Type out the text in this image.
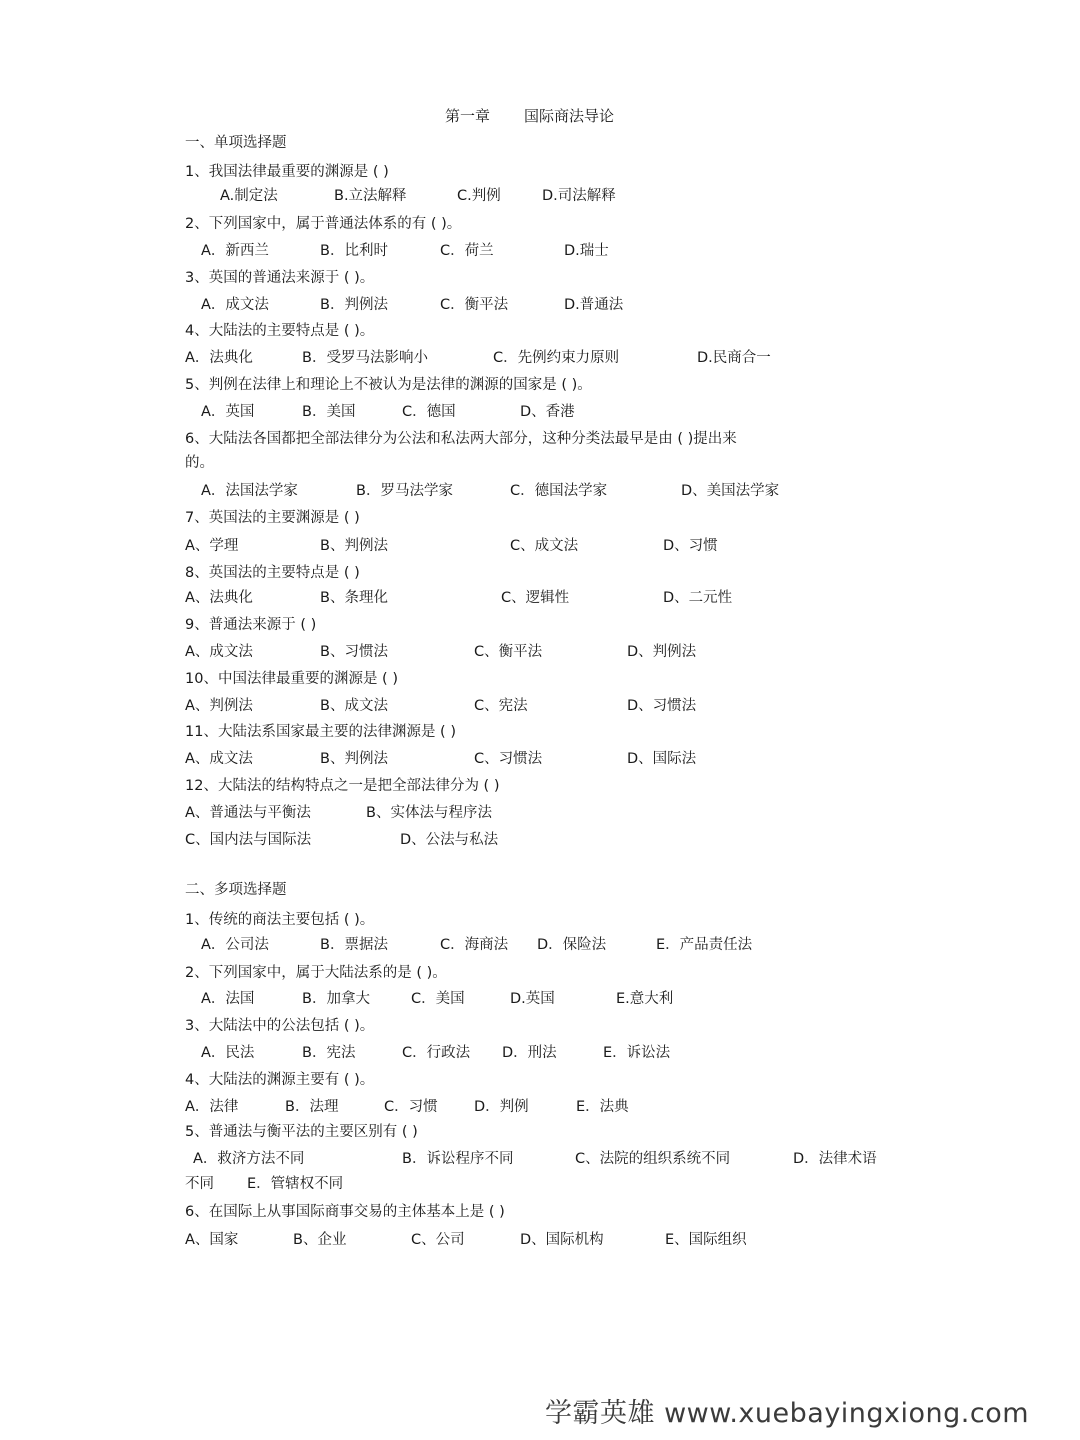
第一章 国际商法导论
一、单项选择题
1、我国法律最重要的渊源是 ( )
A.制定法	B.立法解释	C.判例	D.司法解释
2、下列国家中，属于普通法体系的有 ( )。
A．新西兰	B．比利时	C．荷兰	D.瑞士
3、英国的普通法来源于 ( )。
A．成文法	B．判例法	C．衡平法	D.普通法
4、大陆法的主要特点是 ( )。
A．法典化	B．受罗马法影响小	C．先例约束力原则	D.民商合一
5、判例在法律上和理论上不被认为是法律的渊源的国家是 ( )。
A．英国	B．美国	C．德国	D、香港
6、大陆法各国都把全部法律分为公法和私法两大部分，这种分类法最早是由 ( )提出来
的。
A．法国法学家	B．罗马法学家	C．德国法学家	D、美国法学家
7、英国法的主要渊源是 ( )
A、学理	B、判例法	C、成文法	D、习惯
8、英国法的主要特点是 ( )
A、法典化	B、条理化	C、逻辑性	D、二元性
9、普通法来源于 ( )
A、成文法	B、习惯法	C、衡平法	D、判例法
10、中国法律最重要的渊源是 ( )
A、判例法	B、成文法	C、宪法	D、习惯法
11、大陆法系国家最主要的法律渊源是 ( )
A、成文法	B、判例法	C、习惯法	D、国际法
12、大陆法的结构特点之一是把全部法律分为 ( )
A、普通法与平衡法	B、实体法与程序法
C、国内法与国际法	D、公法与私法
二、多项选择题
1、传统的商法主要包括 ( )。
A．公司法	B．票据法	C．海商法 D．保险法	E．产品责任法
2、下列国家中，属于大陆法系的是 ( )。
A．法国	B．加拿大	C．美国	D.英国	E.意大利
3、大陆法中的公法包括 ( )。
A．民法	B．宪法	C．行政法 D．刑法	E．诉讼法
4、大陆法的渊源主要有 ( )。
A．法律	B．法理	C．习惯	D．判例	E．法典
5、普通法与衡平法的主要区别有 ( )
A．救济方法不同	B．诉讼程序不同	C、法院的组织系统不同	D．法律术语
不同 E．管辖权不同
6、在国际上从事国际商事交易的主体基本上是 ( )
A、国家	B、企业	C、公司	D、国际机构	E、国际组织
学霸英雄 www.xuebayingxiong.com
